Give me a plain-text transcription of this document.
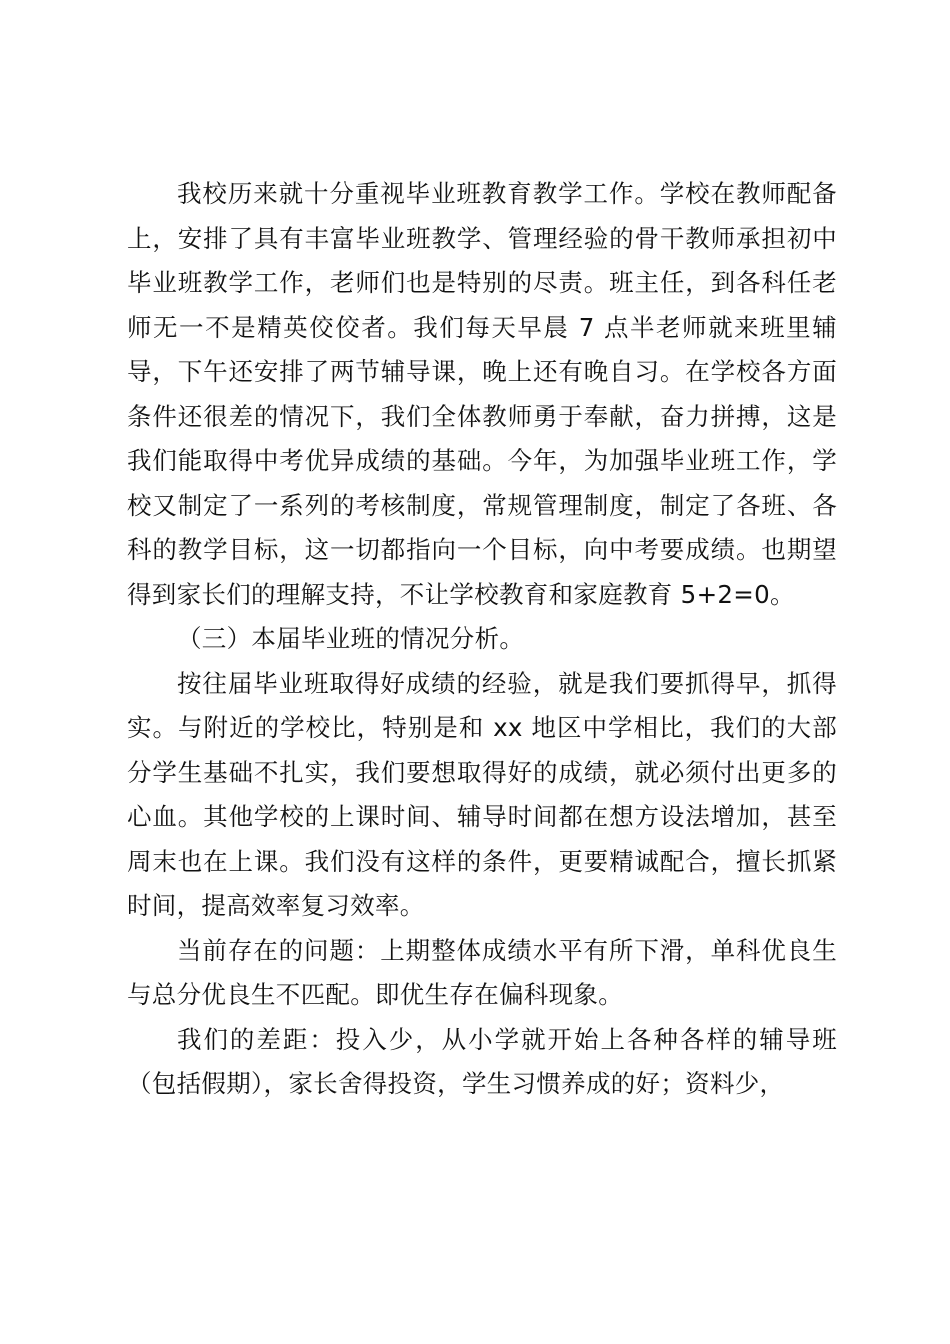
我校历来就十分重视毕业班教育教学工作。学校在教师配备上，安排了具有丰富毕业班教学、管理经验的骨干教师承担初中毕业班教学工作，老师们也是特别的尽责。班主任，到各科任老师无一不是精英佼佼者。我们每天早晨 7 点半老师就来班里辅导，下午还安排了两节辅导课，晚上还有晚自习。在学校各方面条件还很差的情况下，我们全体教师勇于奉献，奋力拼搏，这是我们能取得中考优异成绩的基础。今年，为加强毕业班工作，学校又制定了一系列的考核制度，常规管理制度，制定了各班、各科的教学目标，这一切都指向一个目标，向中考要成绩。也期望得到家长们的理解支持，不让学校教育和家庭教育 5+2=0。

（三）本届毕业班的情况分析。

按往届毕业班取得好成绩的经验，就是我们要抓得早，抓得实。与附近的学校比，特别是和 xx 地区中学相比，我们的大部分学生基础不扎实，我们要想取得好的成绩，就必须付出更多的心血。其他学校的上课时间、辅导时间都在想方设法增加，甚至周末也在上课。我们没有这样的条件，更要精诚配合，擅长抓紧时间，提高效率复习效率。

当前存在的问题：上期整体成绩水平有所下滑，单科优良生与总分优良生不匹配。即优生存在偏科现象。

我们的差距：投入少，从小学就开始上各种各样的辅导班（包括假期），家长舍得投资，学生习惯养成的好；资料少，
